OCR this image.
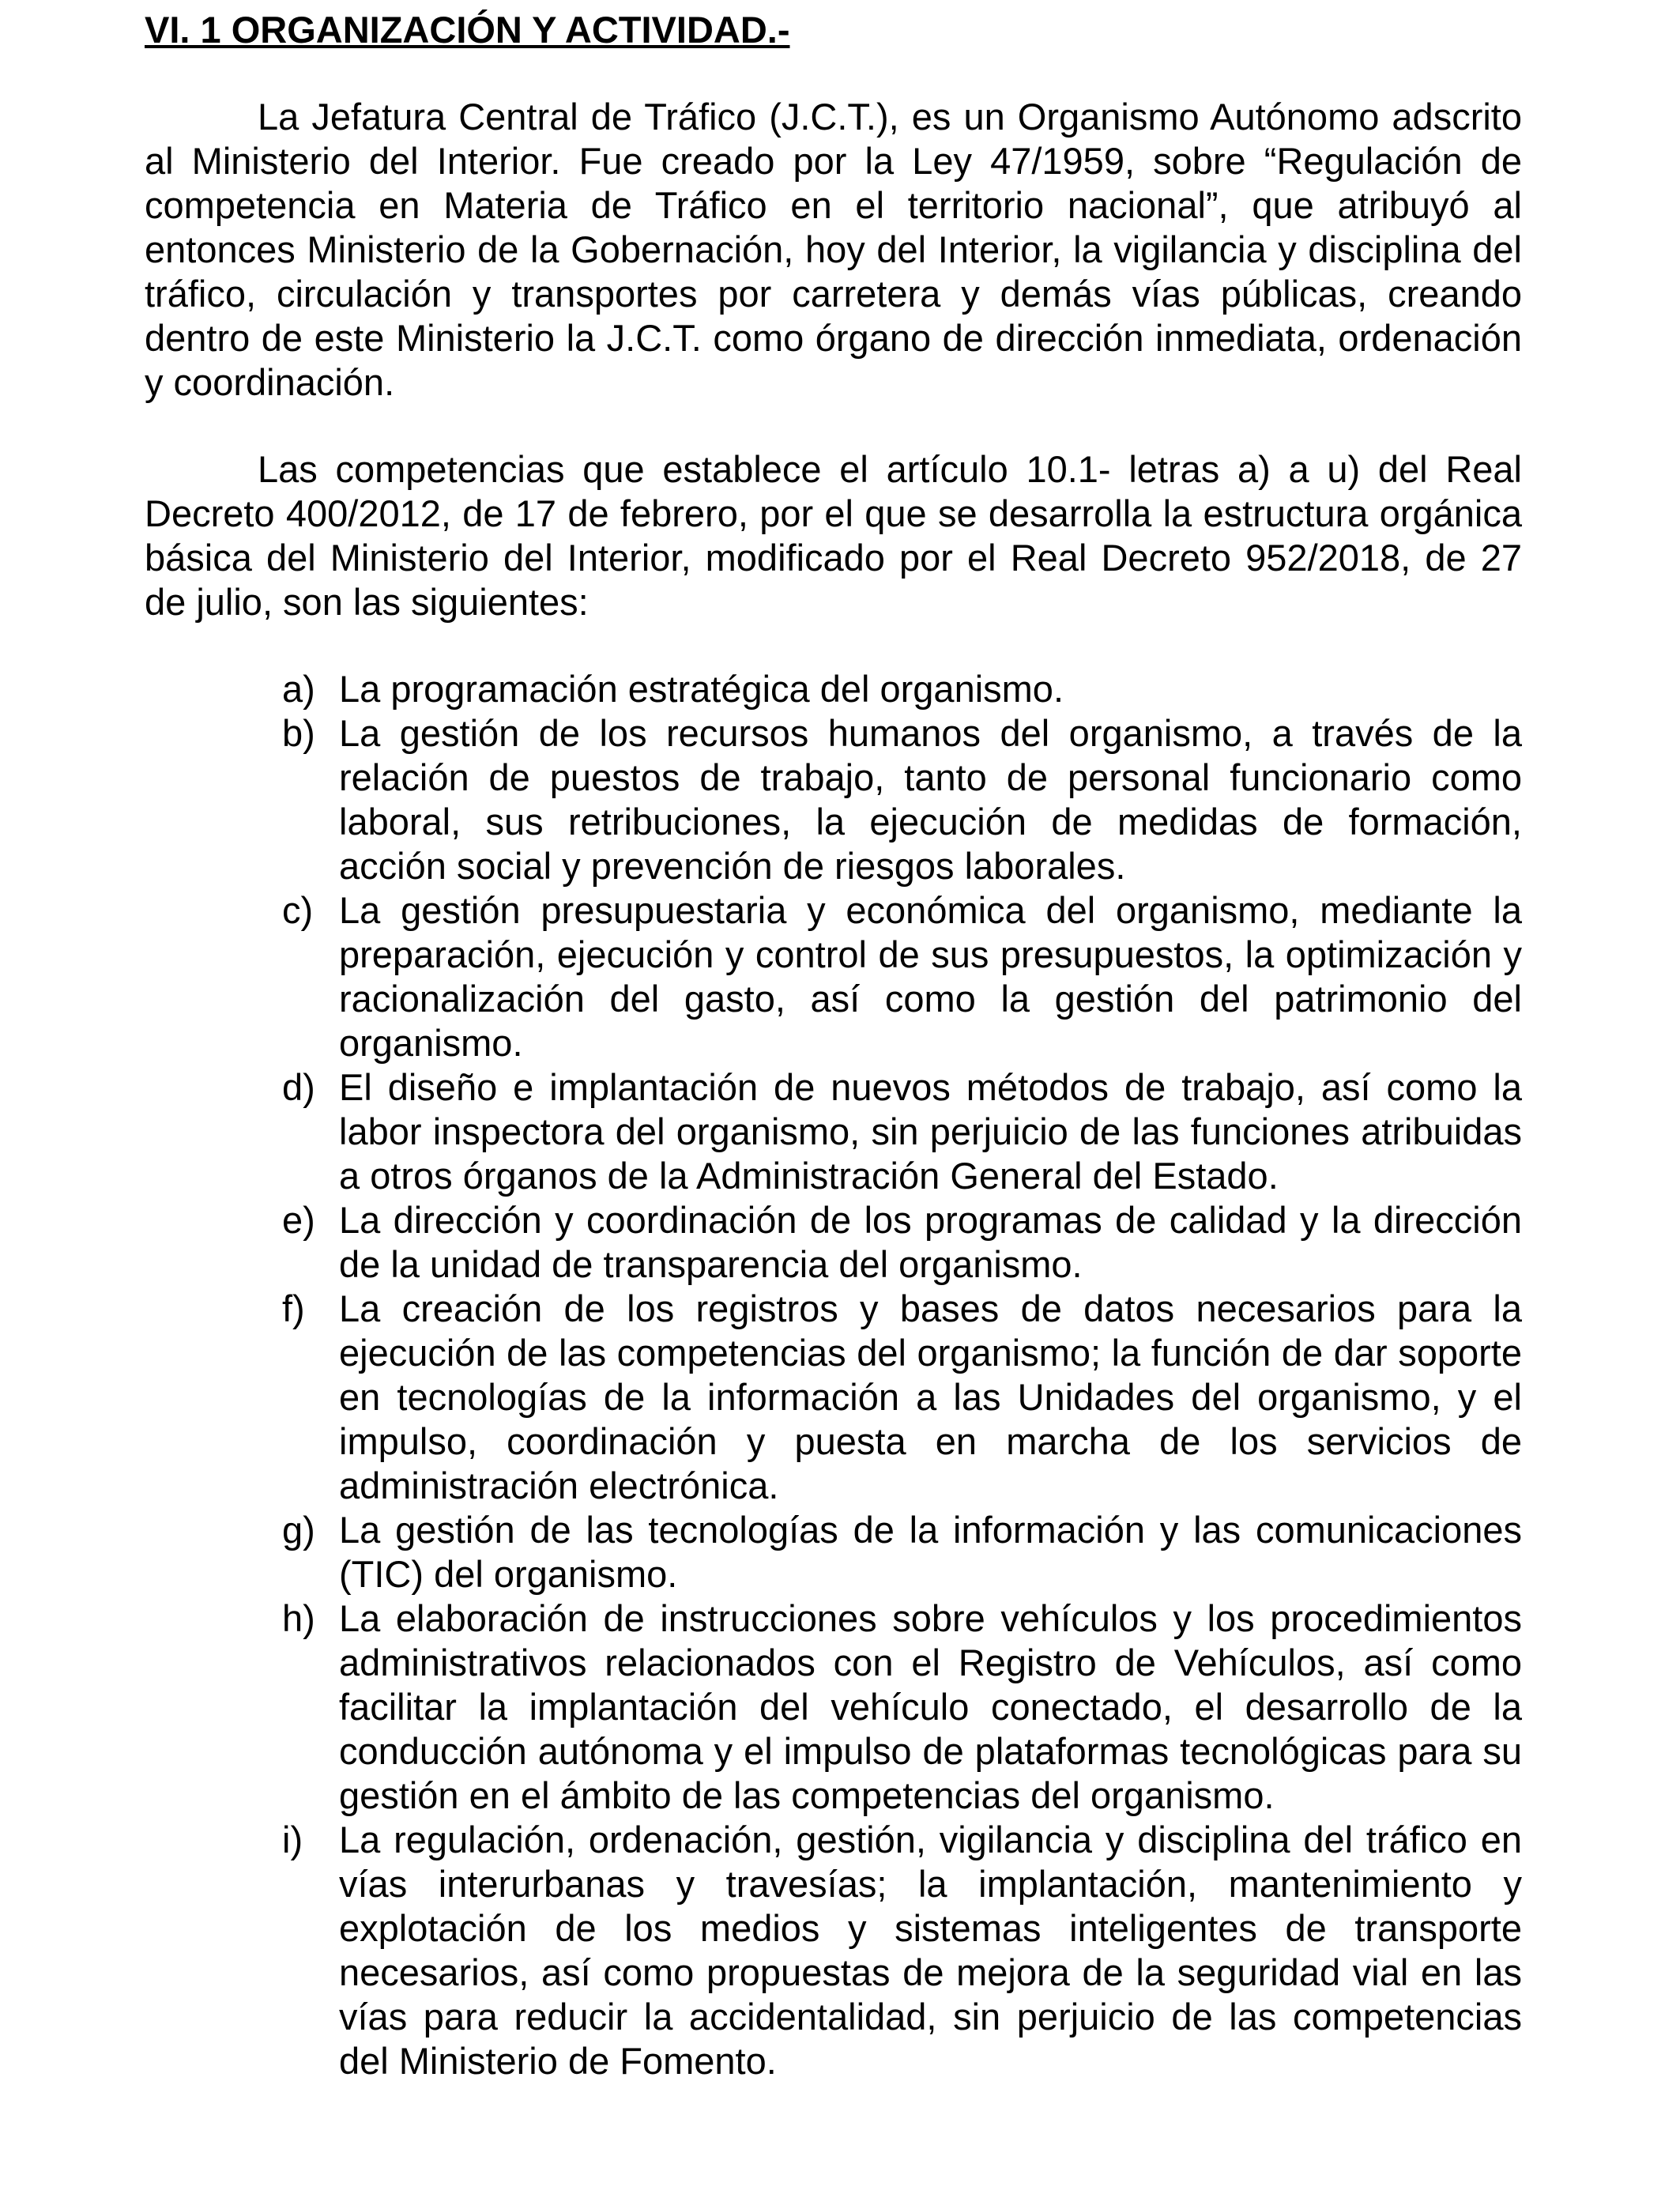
VI. 1 ORGANIZACIÓN Y ACTIVIDAD.-

La Jefatura Central de Tráfico (J.C.T.), es un Organismo Autónomo adscrito al Ministerio del Interior. Fue creado por la Ley 47/1959, sobre “Regulación de competencia en Materia de Tráfico en el territorio nacional”, que atribuyó al entonces Ministerio de la Gobernación, hoy del Interior, la vigilancia y disciplina del tráfico, circulación y transportes por carretera y demás vías públicas, creando dentro de este Ministerio la J.C.T. como órgano de dirección inmediata, ordenación y coordinación.

Las competencias que establece el artículo 10.1- letras a) a u) del Real Decreto 400/2012, de 17 de febrero, por el que se desarrolla la estructura orgánica básica del Ministerio del Interior, modificado por el Real Decreto 952/2018, de 27 de julio, son las siguientes:

a) La programación estratégica del organismo.
b) La gestión de los recursos humanos del organismo, a través de la relación de puestos de trabajo, tanto de personal funcionario como laboral, sus retribuciones, la ejecución de medidas de formación, acción social y prevención de riesgos laborales.
c) La gestión presupuestaria y económica del organismo, mediante la preparación, ejecución y control de sus presupuestos, la optimización y racionalización del gasto, así como la gestión del patrimonio del organismo.
d) El diseño e implantación de nuevos métodos de trabajo, así como la labor inspectora del organismo, sin perjuicio de las funciones atribuidas a otros órganos de la Administración General del Estado.
e) La dirección y coordinación de los programas de calidad y la dirección de la unidad de transparencia del organismo.
f) La creación de los registros y bases de datos necesarios para la ejecución de las competencias del organismo; la función de dar soporte en tecnologías de la información a las Unidades del organismo, y el impulso, coordinación y puesta en marcha de los servicios de administración electrónica.
g) La gestión de las tecnologías de la información y las comunicaciones (TIC) del organismo.
h) La elaboración de instrucciones sobre vehículos y los procedimientos administrativos relacionados con el Registro de Vehículos, así como facilitar la implantación del vehículo conectado, el desarrollo de la conducción autónoma y el impulso de plataformas tecnológicas para su gestión en el ámbito de las competencias del organismo.
i) La regulación, ordenación, gestión, vigilancia y disciplina del tráfico en vías interurbanas y travesías; la implantación, mantenimiento y explotación de los medios y sistemas inteligentes de transporte necesarios, así como propuestas de mejora de la seguridad vial en las vías para reducir la accidentalidad, sin perjuicio de las competencias del Ministerio de Fomento.
